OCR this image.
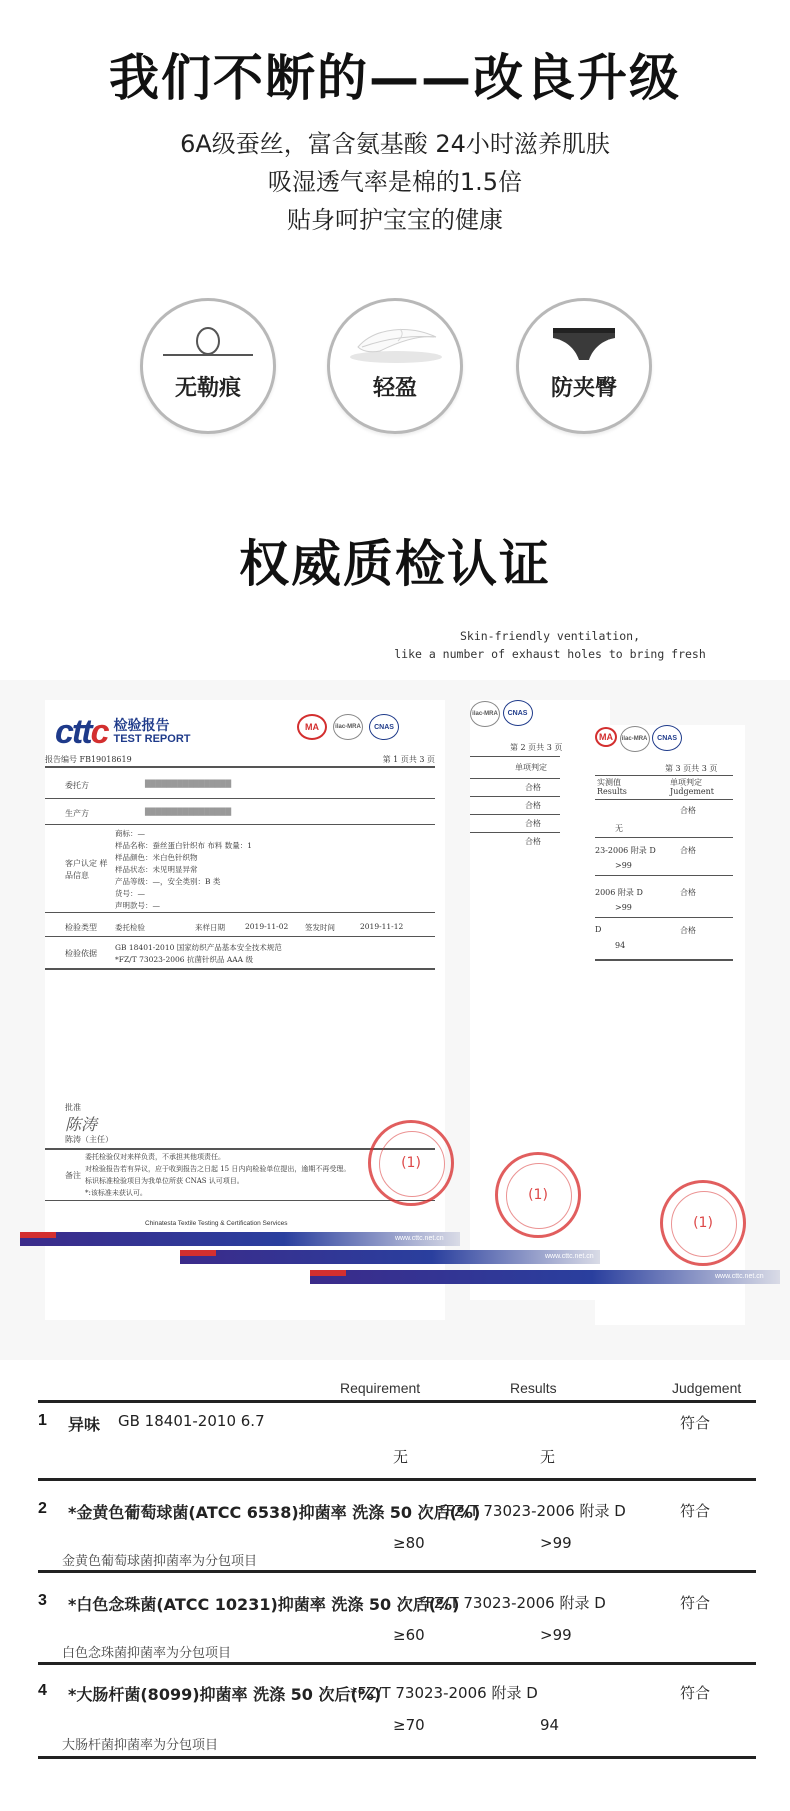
我们不断的——改良升级
6A级蚕丝，富含氨基酸 24小时滋养肌肤
吸湿透气率是棉的1.5倍
贴身呵护宝宝的健康
无勒痕	轻盈	防夹臀
权威质检认证
Skin-friendly ventilation,
like a number of exhaust holes to bring fresh
ilac-MRA CNAS
第 2 页共 3 页
单项判定
合格
合格
合格
合格
MA ilac-MRA CNAS
第 3 页共 3 页
实测值	单项判定
Results	Judgement
合格
无
23-2006 附录 D	合格
>99
2006 附录 D	合格
>99
D	合格
94
cttc 检验报告
TEST REPORT
MA	ilac-MRA	CNAS
报告编号 FB19018619	第 1 页共 3 页
委托方	████████████████
生产方	████████████████
客户认定 样品信息
商标：—
样品名称：蚕丝蛋白针织布 布料 数量：1
样品颜色：米白色针织物
样品状态：未见明显异常
产品等级：—，安全类别：B 类
货号：—
声明款号：—
检验类型 委托检验	来样日期	2019-11-02 签发时间	2019-11-12
检验依据
GB 18401-2010 国家纺织产品基本安全技术规范
*FZ/T 73023-2006 抗菌针织品 AAA 级
批准
陈涛
陈涛（主任）
备注
委托检验仅对来样负责，不承担其他项责任。
对检验报告若有异议，应于收到报告之日起 15 日内向检验单位提出，逾期不再受理。
标识标准检验项目为我单位所获 CNAS 认可项目。
*:该标准未获认可。
Chinatesta Textile Testing & Certification Services
www.cttc.net.cn
www.cttc.net.cn
www.cttc.net.cn
(1)
(1)
(1)
Requirement	Results	Judgement
1 异味 GB 18401-2010 6.7	符合
无	无
2 *金黄色葡萄球菌(ATCC 6538)抑菌率 洗涤 50 次后(%)
*FZ/T 73023-2006 附录 D	符合
≥80	>99
金黄色葡萄球菌抑菌率为分包项目
3 *白色念珠菌(ATCC 10231)抑菌率 洗涤 50 次后(%)
*FZ/T 73023-2006 附录 D	符合
≥60	>99
白色念珠菌抑菌率为分包项目
4 *大肠杆菌(8099)抑菌率 洗涤 50 次后(%)
*FZ/T 73023-2006 附录 D	符合
≥70	94
大肠杆菌抑菌率为分包项目
